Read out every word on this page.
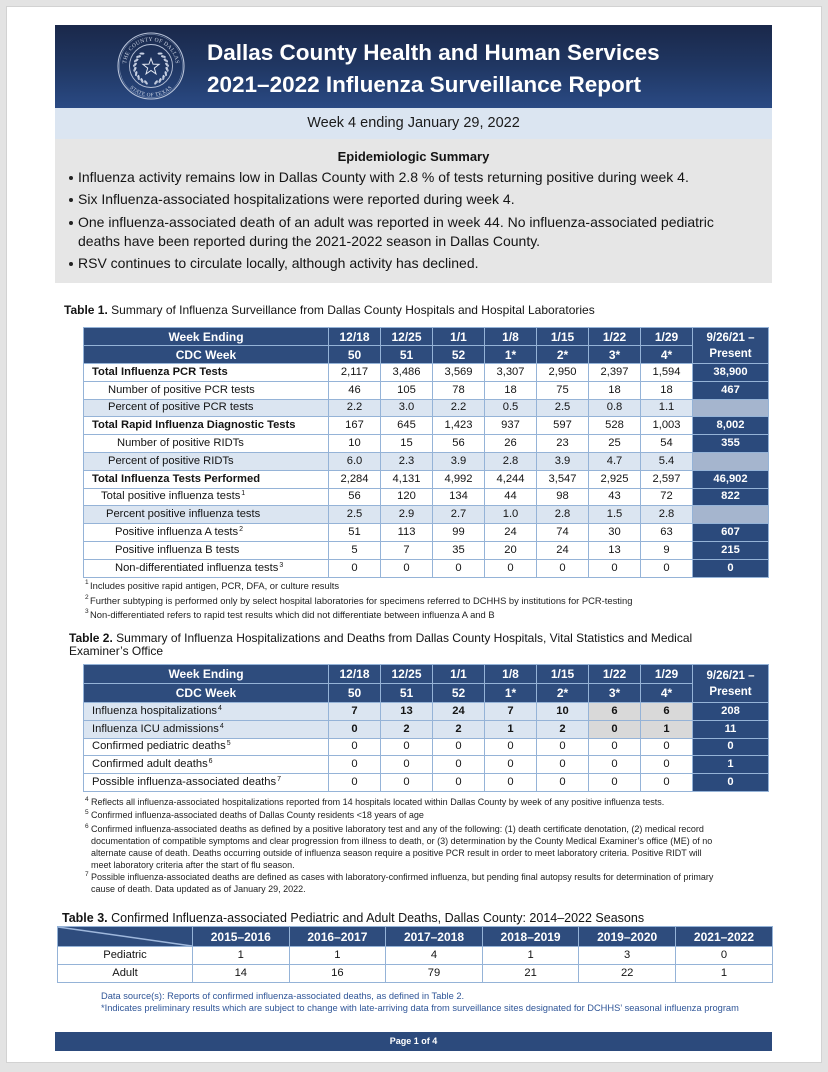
THE COUNTY OF DALLAS
STATE OF TEXAS
Dallas County Health and Human Services
2021–2022 Influenza Surveillance Report
Week 4 ending January 29, 2022
Epidemiologic Summary
Influenza activity remains low in Dallas County with 2.8 % of tests returning positive during week 4.
Six Influenza-associated hospitalizations were reported during week 4.
One influenza-associated death of an adult was reported in week 44. No influenza-associated pediatric deaths have been reported during the 2021-2022 season in Dallas County.
RSV continues to circulate locally, although activity has declined.
Table 1. Summary of Influenza Surveillance from Dallas County Hospitals and Hospital Laboratories
Week Ending	12/18	12/25	1/1	1/8	1/15	1/22	1/29	9/26/21 –
Present

CDC Week	50	51	52	1*	2*	3*	4*	
Total Influenza PCR Tests	2,117	3,486	3,569	3,307	2,950	2,397	1,594	38,900
Number of positive PCR tests	46	105	78	18	75	18	18	467
Percent of positive PCR tests	2.2	3.0	2.2	0.5	2.5	0.8	1.1	
Total Rapid Influenza Diagnostic Tests	167	645	1,423	937	597	528	1,003	8,002
Number of positive RIDTs	10	15	56	26	23	25	54	355
Percent of positive RIDTs	6.0	2.3	3.9	2.8	3.9	4.7	5.4	
Total Influenza Tests Performed	2,284	4,131	4,992	4,244	3,547	2,925	2,597	46,902
Total positive influenza tests$^1$	56	120	134	44	98	43	72	822
Percent positive influenza tests	2.5	2.9	2.7	1.0	2.8	1.5	2.8	
Positive influenza A tests$^2$	51	113	99	24	74	30	63	607
Positive influenza B tests	5	7	35	20	24	13	9	215
Non-differentiated influenza tests$^3$	0	0	0	0	0	0	0	0
1 Includes positive rapid antigen, PCR, DFA, or culture results
2 Further subtyping is performed only by select hospital laboratories for specimens referred to DCHHS by institutions for PCR-testing
3 Non-differentiated refers to rapid test results which did not differentiate between influenza A and B
Table 2. Summary of Influenza Hospitalizations and Deaths from Dallas County Hospitals, Vital Statistics and Medical
Examiner’s Office
Week Ending	12/18	12/25	1/1	1/8	1/15	1/22	1/29	9/26/21 –
Present

CDC Week	50	51	52	1*	2*	3*	4*	
Influenza hospitalizations$^4$	7	13	24	7	10	6	6	208
Influenza ICU admissions$^4$	0	2	2	1	2	0	1	11
Confirmed pediatric deaths$^5$	0	0	0	0	0	0	0	0
Confirmed adult deaths$^6$	0	0	0	0	0	0	0	1
Possible influenza-associated deaths$^7$	0	0	0	0	0	0	0	0
4 Reflects all influenza-associated hospitalizations reported from 14 hospitals located within Dallas County by week of any positive influenza tests.
5 Confirmed influenza-associated deaths of Dallas County residents <18 years of age
6 Confirmed influenza-associated deaths as defined by a positive laboratory test and any of the following: (1) death certificate denotation, (2) medical record
documentation of compatible symptoms and clear progression from illness to death, or (3) determination by the County Medical Examiner’s office (ME) of no
alternate cause of death. Deaths occurring outside of influenza season require a positive PCR result in order to meet laboratory criteria. Positive RIDT will
meet laboratory criteria after the start of flu season.
7 Possible influenza-associated deaths are defined as cases with laboratory-confirmed influenza, but pending final autopsy results for determination of primary
cause of death. Data updated as of January 29, 2022.
Table 3. Confirmed Influenza-associated Pediatric and Adult Deaths, Dallas County: 2014–2022 Seasons
	2015–2016	2016–2017	2017–2018	2018–2019	2019–2020	2021–2022
Pediatric	1	1	4	1	3	0
Adult	14	16	79	21	22	1
Data source(s): Reports of confirmed influenza-associated deaths, as defined in Table 2.
*Indicates preliminary results which are subject to change with late-arriving data from surveillance sites designated for DCHHS’ seasonal influenza program
Page 1 of 4
